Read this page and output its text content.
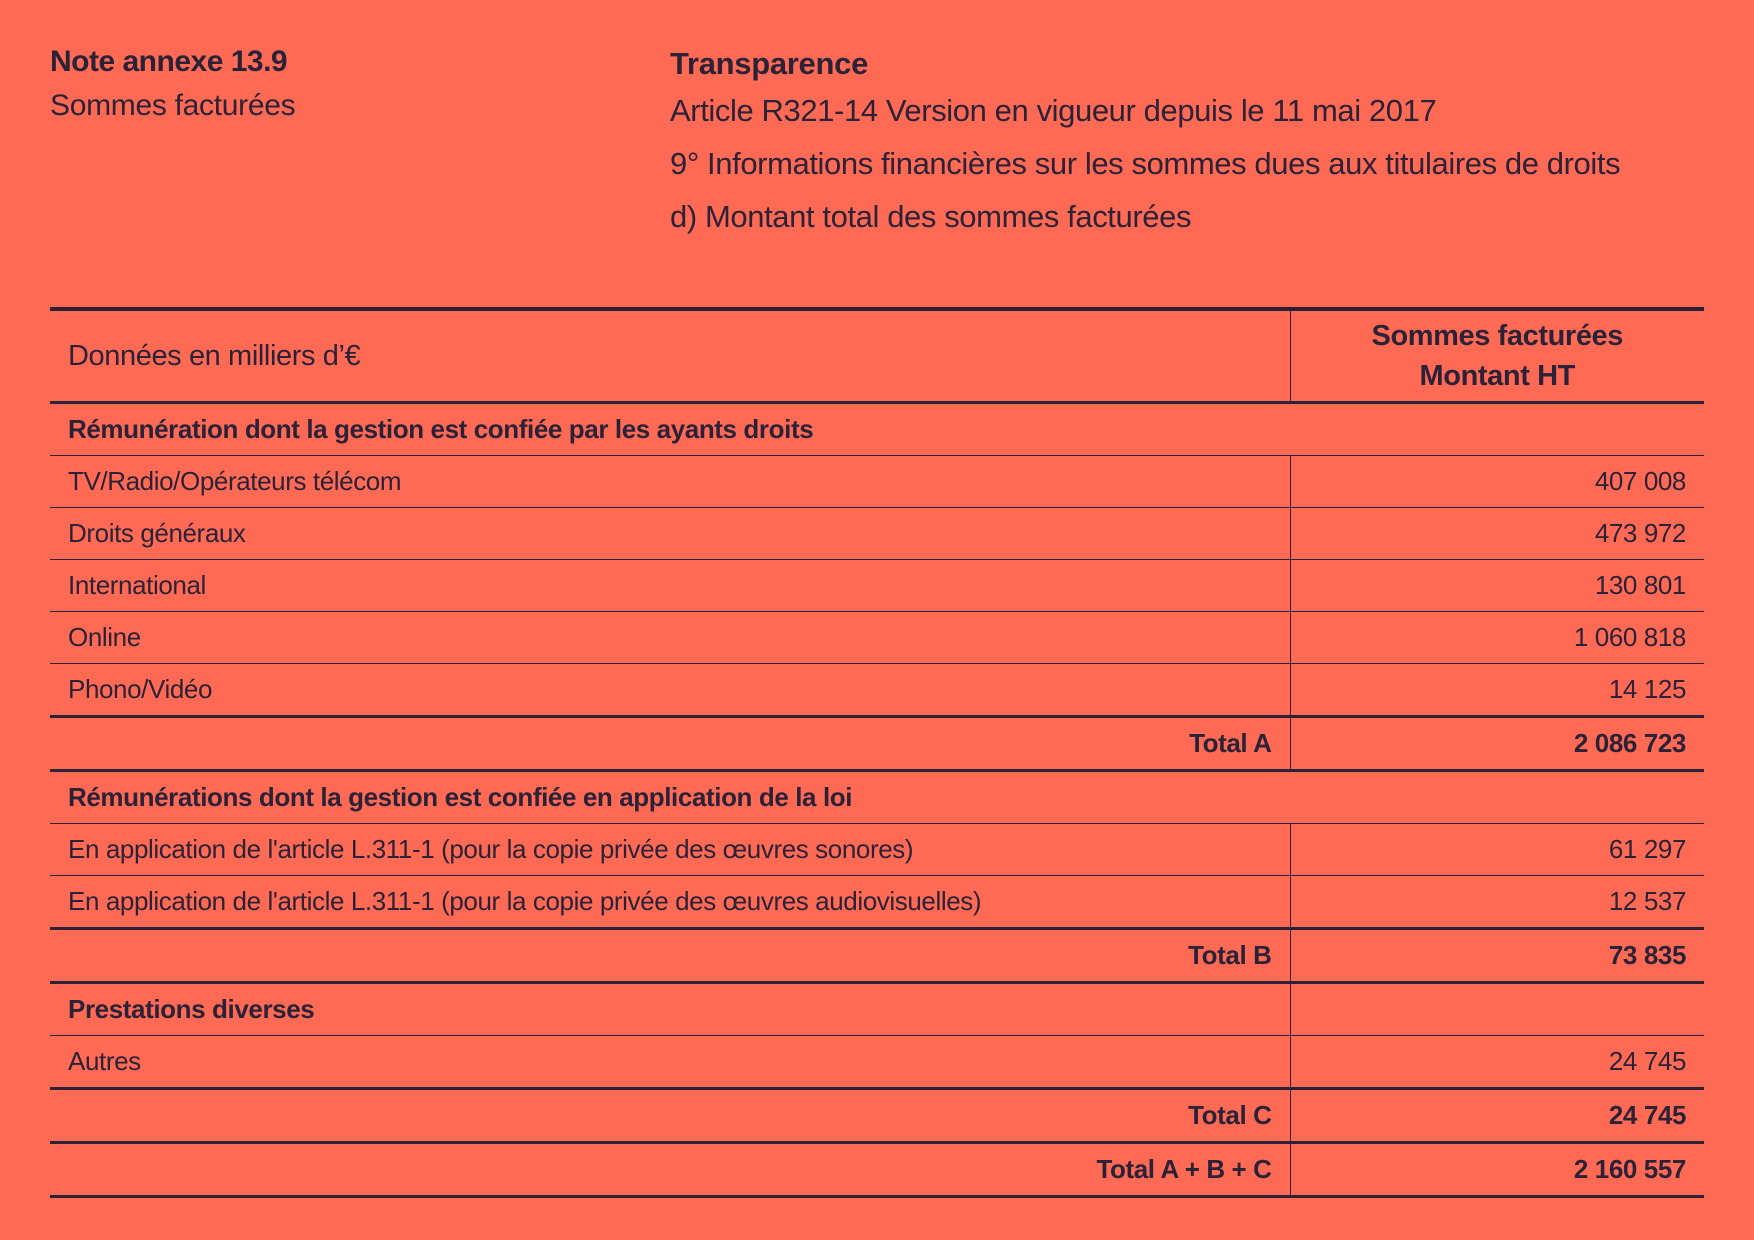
Note annexe 13.9
Sommes facturées
Transparence
Article R321-14 Version en vigueur depuis le 11 mai 2017
9° Informations financières sur les sommes dues aux titulaires de droits
d) Montant total des sommes facturées
Données en milliers d’€	Sommes facturées
Montant HT

Rémunération dont la gestion est confiée par les ayants droits	
TV/Radio/Opérateurs télécom	407 008
Droits généraux	473 972
International	130 801
Online	1 060 818
Phono/Vidéo	14 125
Total A	2 086 723
Rémunérations dont la gestion est confiée en application de la loi	
En application de l'article L.311-1 (pour la copie privée des œuvres sonores)	61 297
En application de l'article L.311-1 (pour la copie privée des œuvres audiovisuelles)	12 537
Total B	73 835
Prestations diverses	
Autres	24 745
Total C	24 745
Total A + B + C	2 160 557
